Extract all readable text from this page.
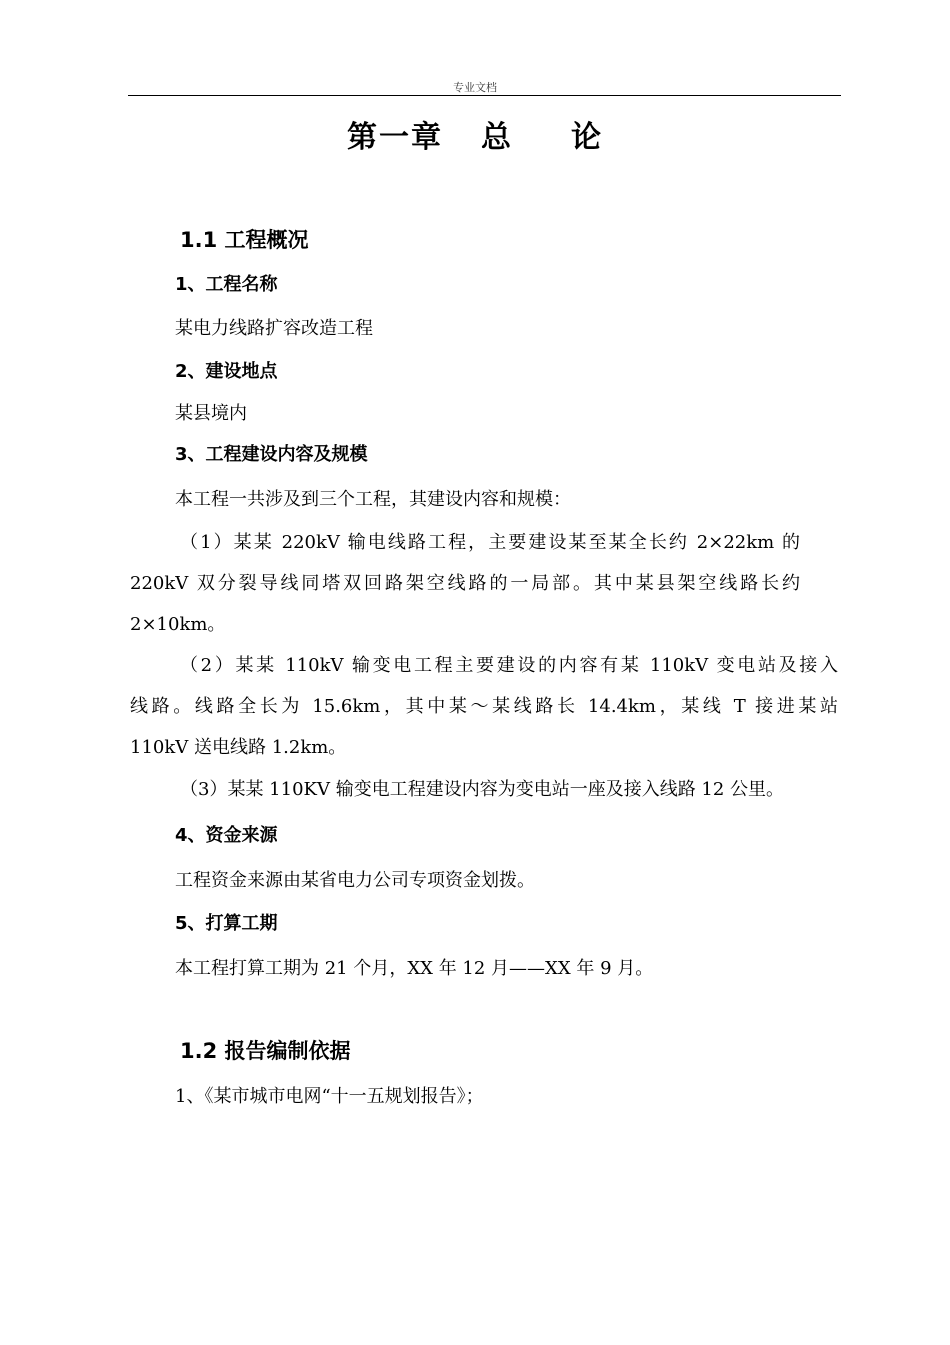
专业文档
第一章 总 论
1.1 工程概况
1、工程名称
某电力线路扩容改造工程
2、建设地点
某县境内
3、工程建设内容及规模
本工程一共涉及到三个工程，其建设内容和规模：
（1）某某 220kV 输电线路工程，主要建设某至某全长约 2×22km 的
220kV 双分裂导线同塔双回路架空线路的一局部。其中某县架空线路长约
2×10km。
（2）某某 110kV 输变电工程主要建设的内容有某 110kV 变电站及接入
线路。线路全长为 15.6km，其中某～某线路长 14.4km，某线 T 接进某站
110kV 送电线路 1.2km。
（3）某某 110KV 输变电工程建设内容为变电站一座及接入线路 12 公里。
4、资金来源
工程资金来源由某省电力公司专项资金划拨。
5、打算工期
本工程打算工期为 21 个月，XX 年 12 月——XX 年 9 月。
1.2 报告编制依据
1、《某市城市电网“十一五规划报告》；
